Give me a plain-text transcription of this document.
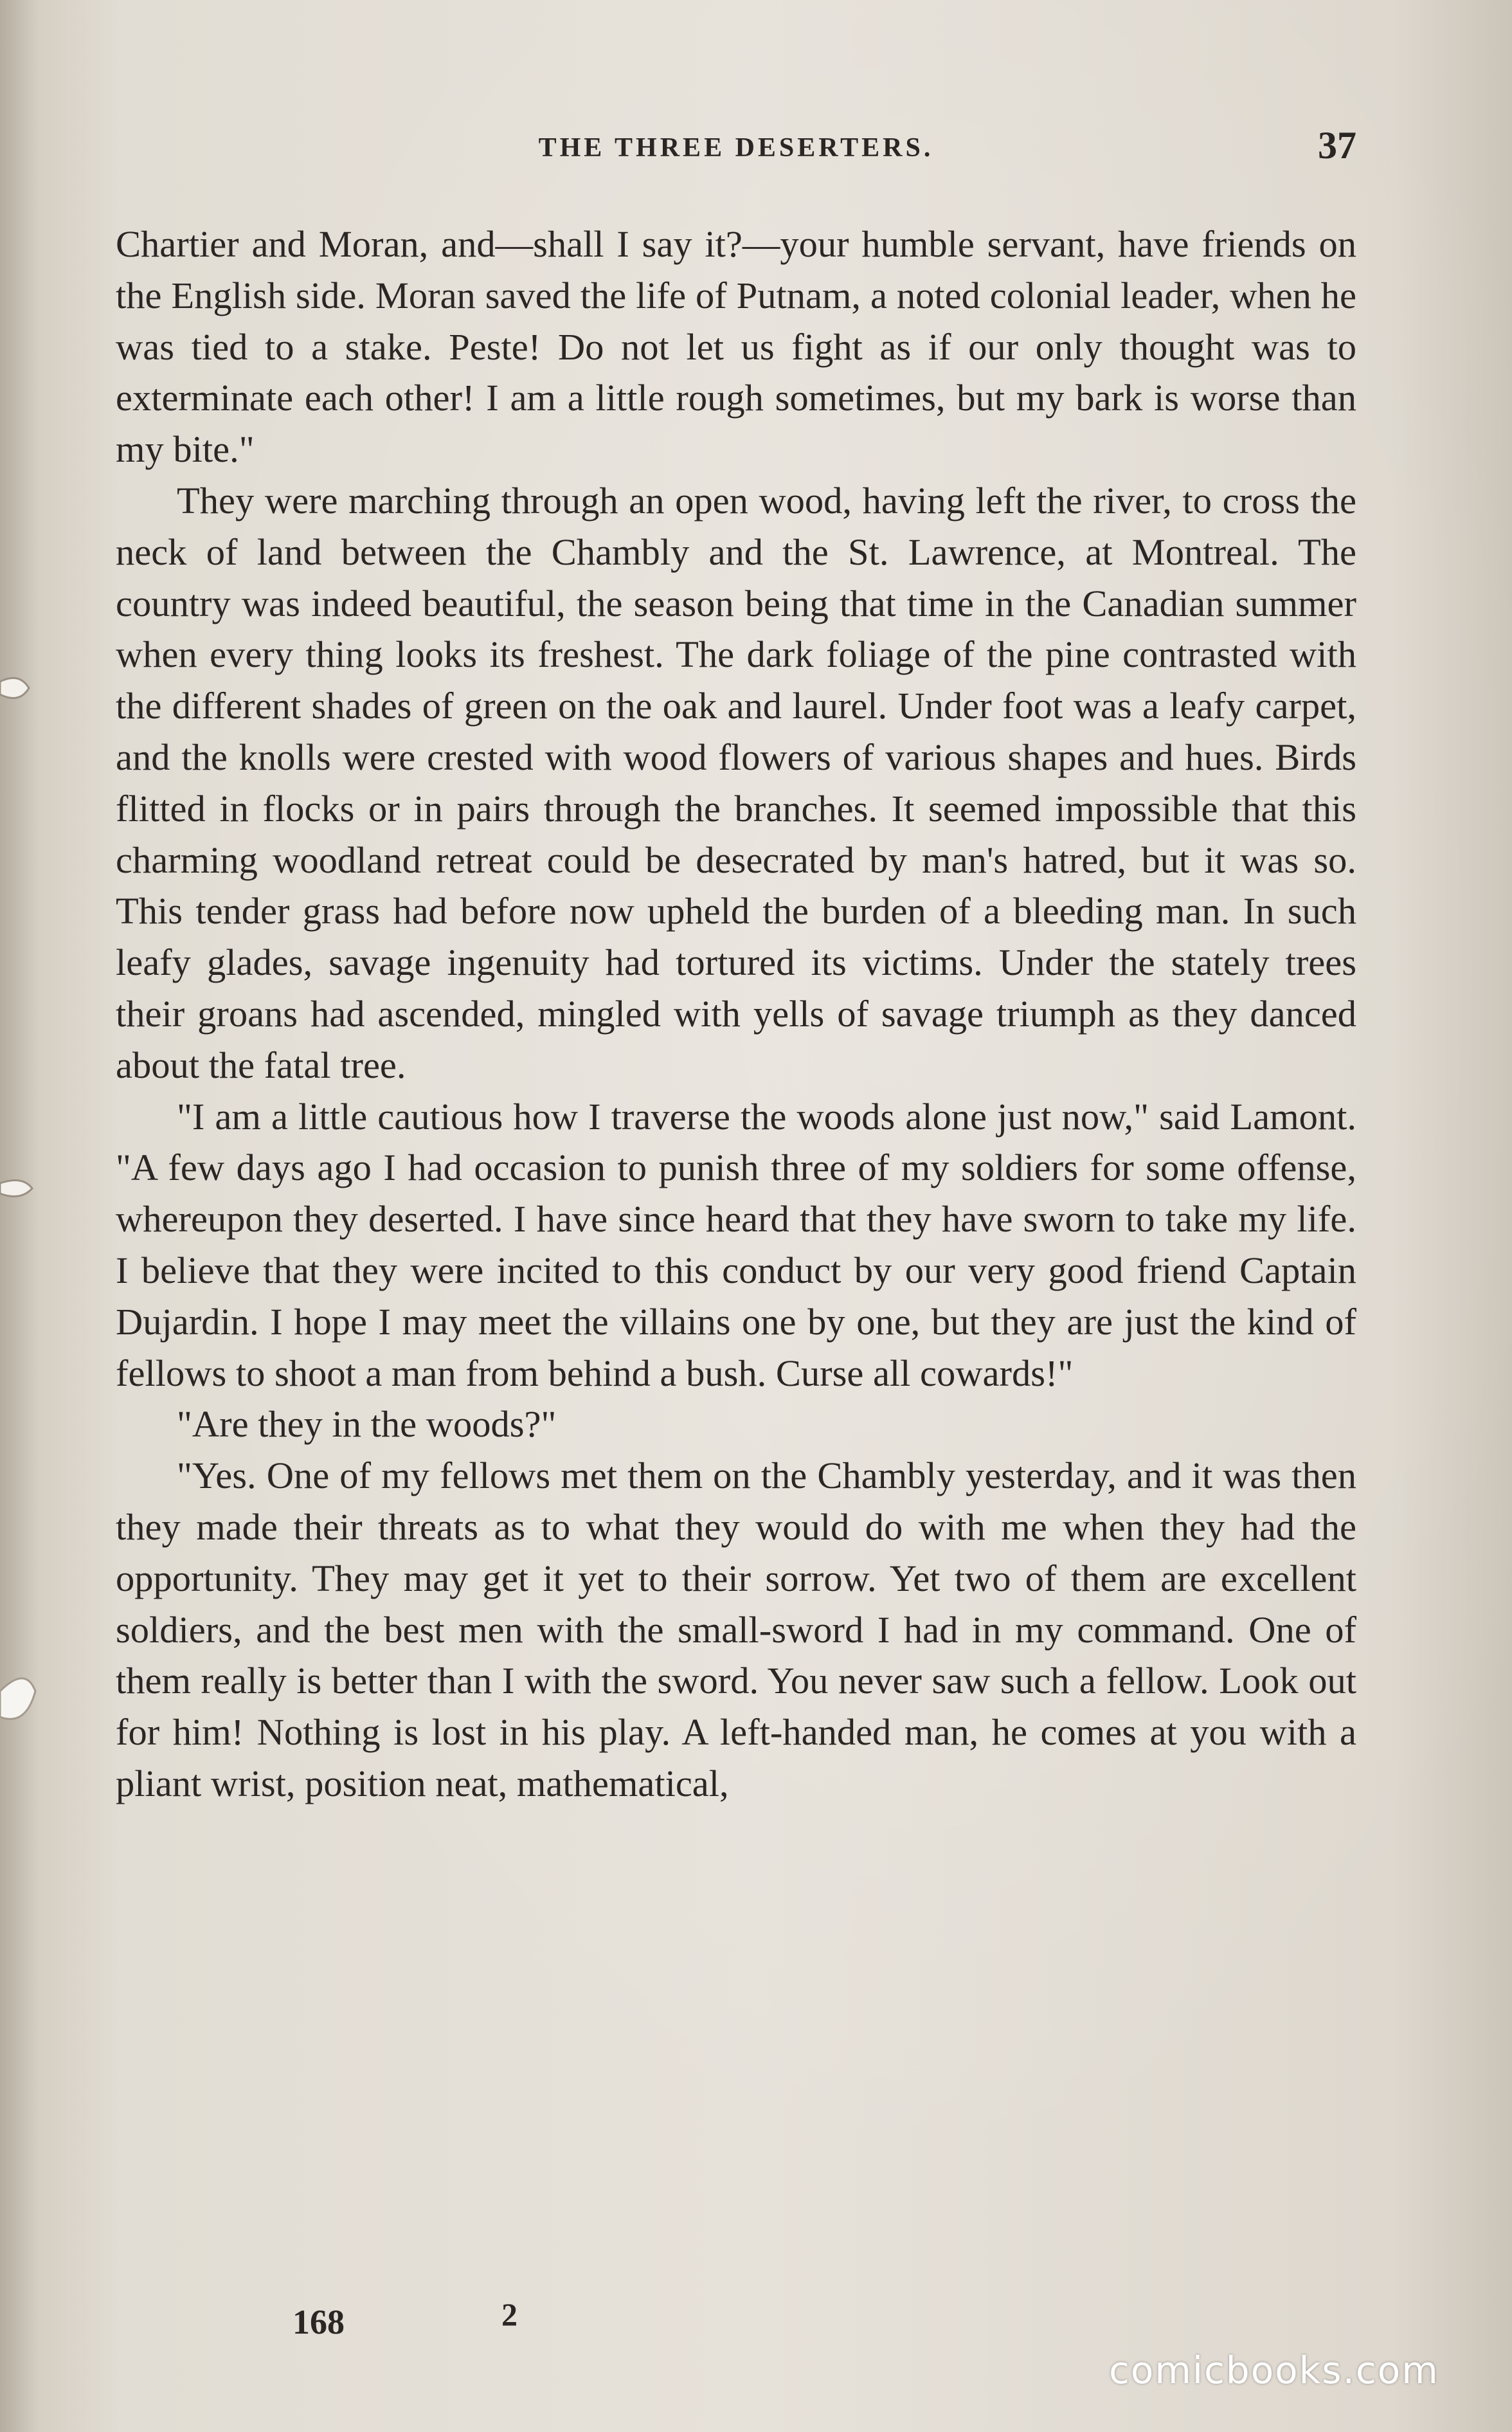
THE THREE DESERTERS.	37

Chartier and Moran, and—shall I say it?—your humble servant, have friends on the English side. Moran saved the life of Putnam, a noted colonial leader, when he was tied to a stake. Peste! Do not let us fight as if our only thought was to exterminate each other! I am a little rough sometimes, but my bark is worse than my bite."

They were marching through an open wood, having left the river, to cross the neck of land between the Chambly and the St. Lawrence, at Montreal. The country was indeed beautiful, the season being that time in the Canadian summer when every thing looks its freshest. The dark foliage of the pine contrasted with the different shades of green on the oak and laurel. Under foot was a leafy carpet, and the knolls were crested with wood flowers of various shapes and hues. Birds flitted in flocks or in pairs through the branches. It seemed impossible that this charming woodland retreat could be desecrated by man's hatred, but it was so. This tender grass had before now upheld the burden of a bleeding man. In such leafy glades, savage ingenuity had tortured its victims. Under the stately trees their groans had ascended, mingled with yells of savage triumph as they danced about the fatal tree.

"I am a little cautious how I traverse the woods alone just now," said Lamont. "A few days ago I had occasion to punish three of my soldiers for some offense, whereupon they deserted. I have since heard that they have sworn to take my life. I believe that they were incited to this conduct by our very good friend Captain Dujardin. I hope I may meet the villains one by one, but they are just the kind of fellows to shoot a man from behind a bush. Curse all cowards!"

"Are they in the woods?"

"Yes. One of my fellows met them on the Chambly yesterday, and it was then they made their threats as to what they would do with me when they had the opportunity. They may get it yet to their sorrow. Yet two of them are excellent soldiers, and the best men with the small-sword I had in my command. One of them really is better than I with the sword. You never saw such a fellow. Look out for him! Nothing is lost in his play. A left-handed man, he comes at you with a pliant wrist, position neat, mathematical,

168	2
comicbooks.com
